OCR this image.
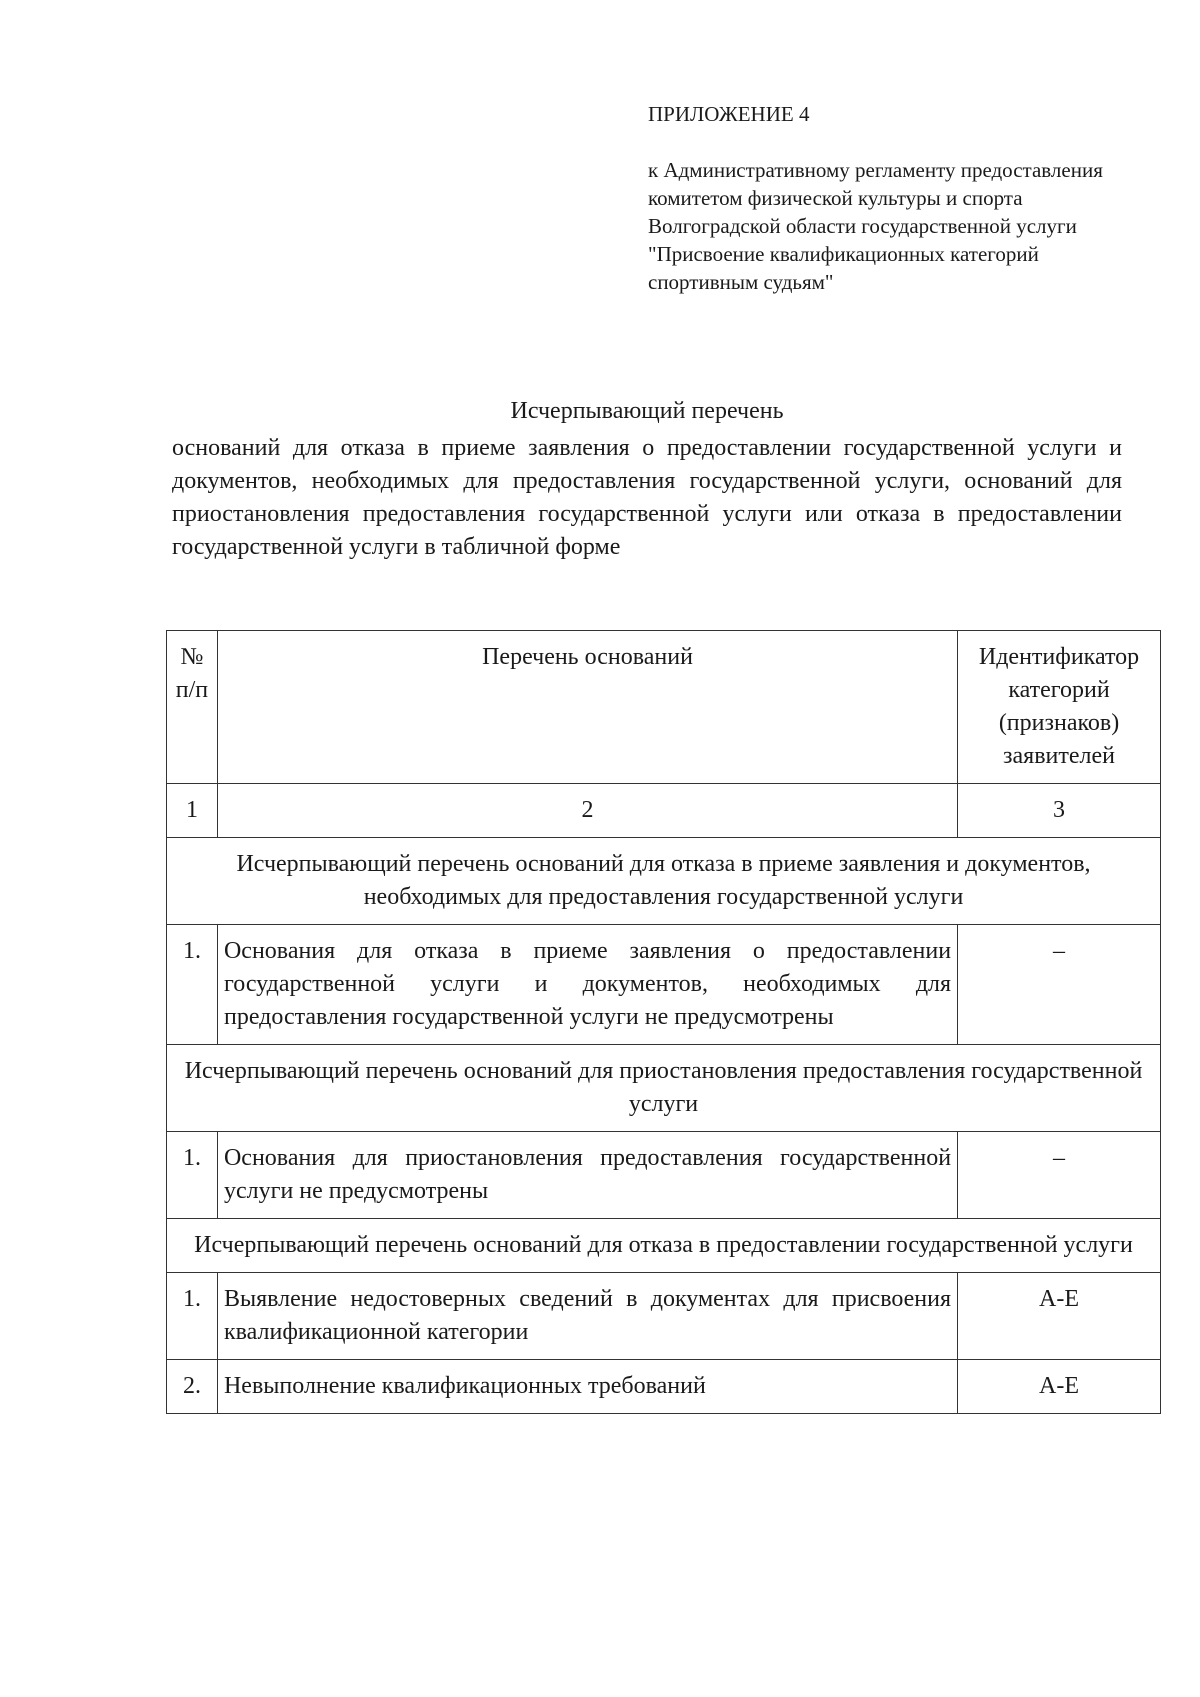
ПРИЛОЖЕНИЕ 4

к Административному регламенту предоставления комитетом физической культуры и спорта Волгоградской области государственной услуги "Присвоение квалификационных категорий спортивным судьям"

Исчерпывающий перечень
оснований для отказа в приеме заявления о предоставлении государственной услуги и документов, необходимых для предоставления государственной услуги, оснований для приостановления предоставления государственной услуги или отказа в предоставлении государственной услуги в табличной форме
№ п/п	Перечень оснований	Идентификатор категорий (признаков) заявителей
1	2	3
Исчерпывающий перечень оснований для отказа в приеме заявления и документов, необходимых для предоставления государственной услуги		
1.	Основания для отказа в приеме заявления о предоставлении государственной услуги и документов, необходимых для предоставления государственной услуги не предусмотрены	–
Исчерпывающий перечень оснований для приостановления предоставления государственной услуги		
1.	Основания для приостановления предоставления государственной услуги не предусмотрены	–
Исчерпывающий перечень оснований для отказа в предоставлении государственной услуги		
1.	Выявление недостоверных сведений в документах для присвоения квалификационной категории	А-Е
2.	Невыполнение квалификационных требований	А-Е
